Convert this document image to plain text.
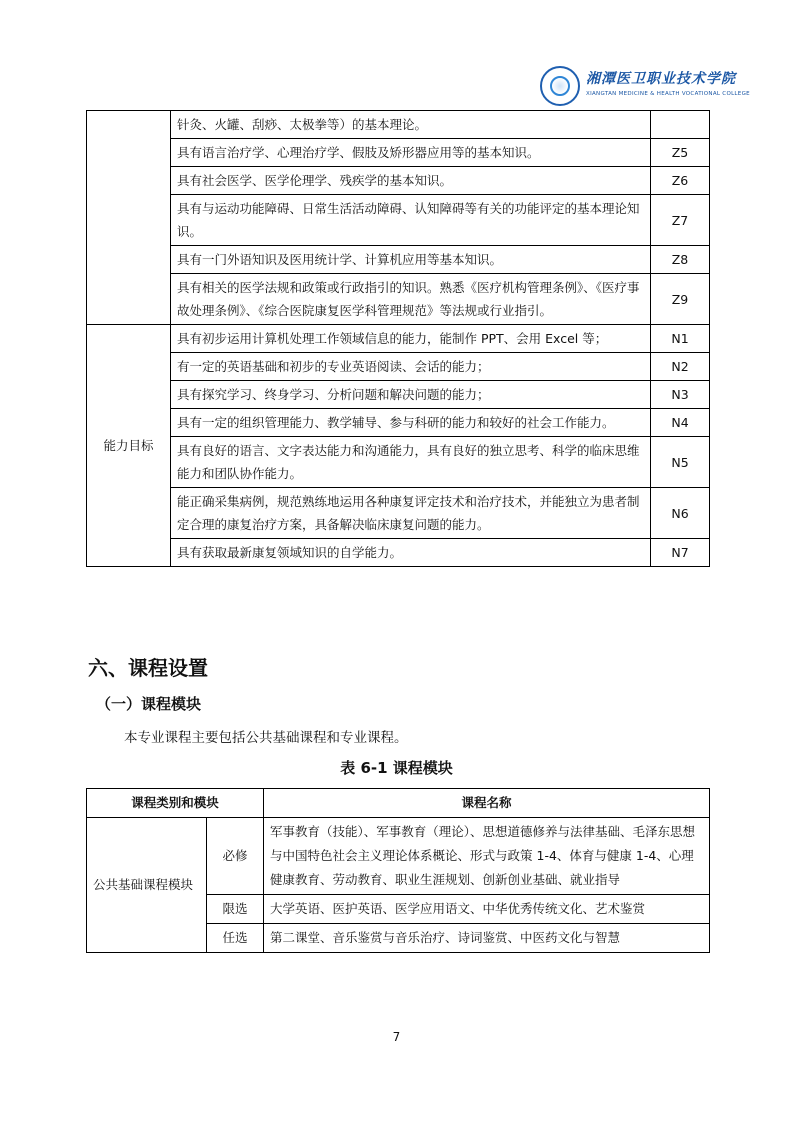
湘潭医卫职业技术学院
XIANGTAN MEDICINE & HEALTH VOCATIONAL COLLEGE
	针灸、火罐、刮痧、太极拳等）的基本理论。	
	具有语言治疗学、心理治疗学、假肢及矫形器应用等的基本知识。	Z5
	具有社会医学、医学伦理学、残疾学的基本知识。	Z6
	具有与运动功能障碍、日常生活活动障碍、认知障碍等有关的功能评定的基本理论知识。	Z7
	具有一门外语知识及医用统计学、计算机应用等基本知识。	Z8
	具有相关的医学法规和政策或行政指引的知识。熟悉《医疗机构管理条例》、《医疗事故处理条例》、《综合医院康复医学科管理规范》等法规或行业指引。	Z9
能力目标	具有初步运用计算机处理工作领域信息的能力，能制作 PPT、会用 Excel 等；	N1
	有一定的英语基础和初步的专业英语阅读、会话的能力；	N2
	具有探究学习、终身学习、分析问题和解决问题的能力；	N3
	具有一定的组织管理能力、教学辅导、参与科研的能力和较好的社会工作能力。	N4
	具有良好的语言、文字表达能力和沟通能力，具有良好的独立思考、科学的临床思维能力和团队协作能力。	N5
	能正确采集病例，规范熟练地运用各种康复评定技术和治疗技术，并能独立为患者制定合理的康复治疗方案，具备解决临床康复问题的能力。	N6
	具有获取最新康复领域知识的自学能力。	N7
六、课程设置
（一）课程模块
本专业课程主要包括公共基础课程和专业课程。
表 6-1 课程模块
课程类别和模块		课程名称
公共基础课程模块	必修	军事教育（技能）、军事教育（理论）、思想道德修养与法律基础、毛泽东思想与中国特色社会主义理论体系概论、形式与政策 1-4、体育与健康 1-4、心理健康教育、劳动教育、职业生涯规划、创新创业基础、就业指导
	限选	大学英语、医护英语、医学应用语文、中华优秀传统文化、艺术鉴赏
	任选	第二课堂、音乐鉴赏与音乐治疗、诗词鉴赏、中医药文化与智慧
7
